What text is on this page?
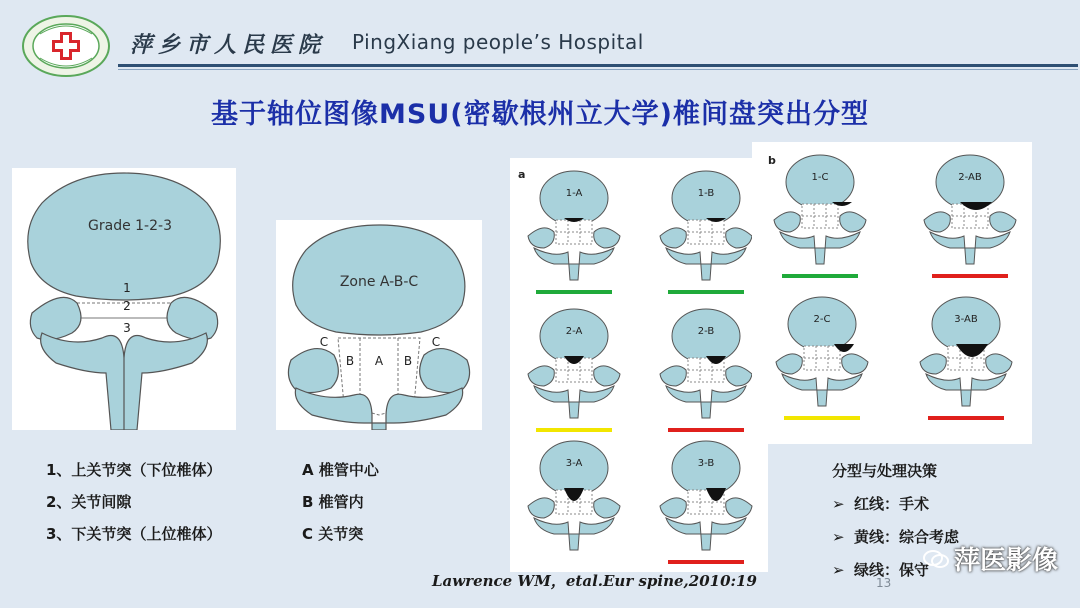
萍乡市人民医院 PingXiang people’s Hospital
基于轴位图像MSU(密歇根州立大学)椎间盘突出分型
Grade 1-2-3
1
2
3
Zone A-B-C
C
B A B
C
a
1-A	1-B
2-A	2-B
3-A	3-B
b
1-C	2-AB
2-C	3-AB
1、上关节突（下位椎体）
2、关节间隙
3、下关节突（上位椎体）
A 椎管中心
B 椎管内
C 关节突
分型与处理决策
➢ 红线：手术
➢ 黄线：综合考虑
➢ 绿线：保守
Lawrence WM，etal.Eur spine,2010:19	13
萍医影像
